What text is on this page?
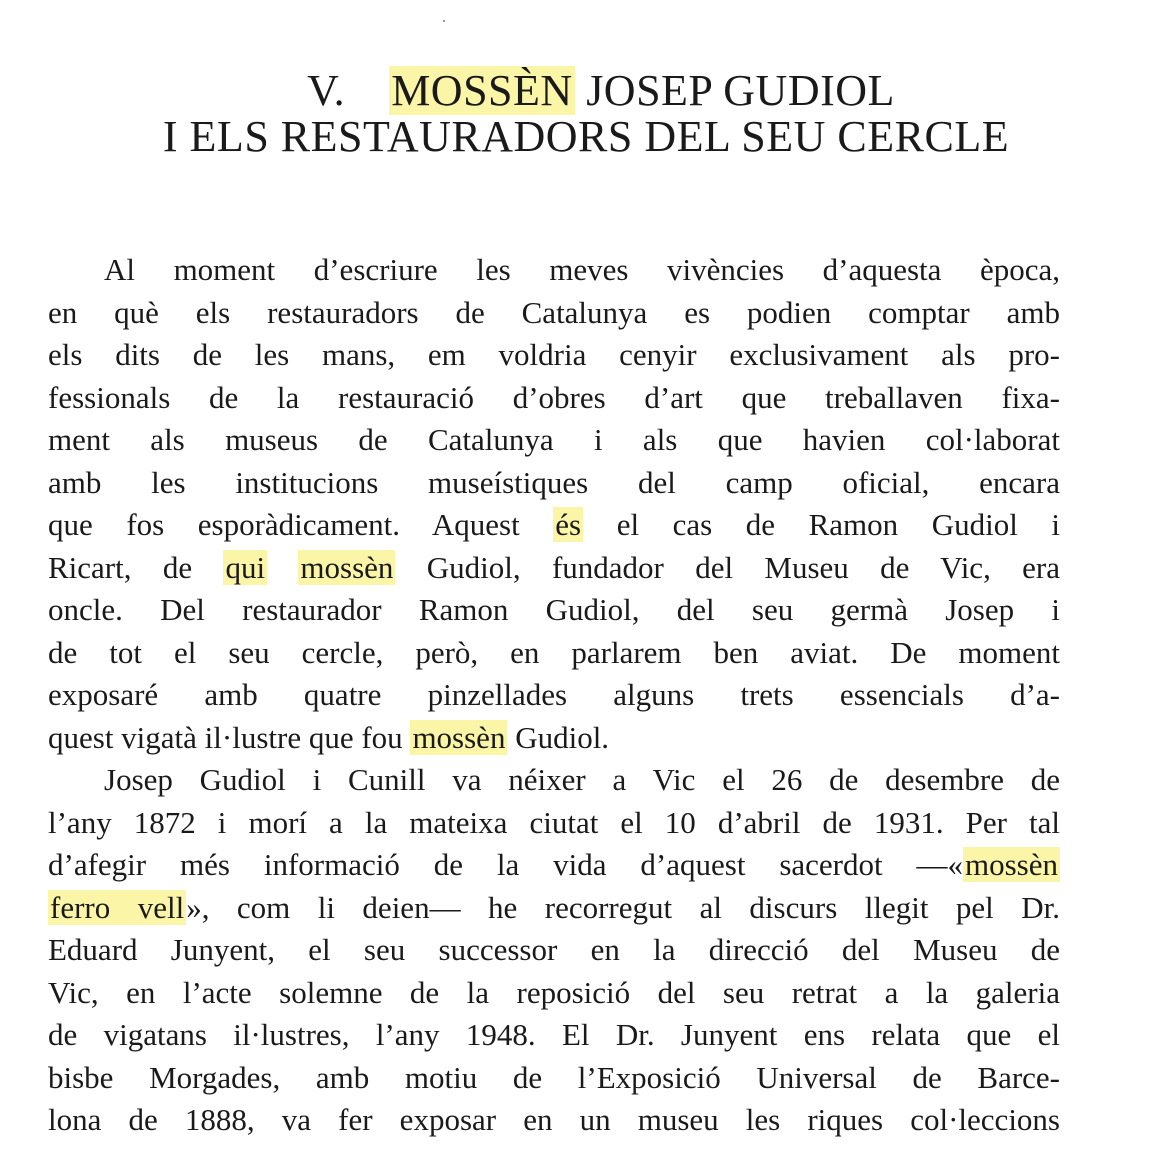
V. MOSSÈN JOSEP GUDIOL
I ELS RESTAURADORS DEL SEU CERCLE
Al moment d’escriure les meves vivències d’aquesta època,
en què els restauradors de Catalunya es podien comptar amb
els dits de les mans, em voldria cenyir exclusivament als pro-
fessionals de la restauració d’obres d’art que treballaven fixa-
ment als museus de Catalunya i als que havien col·laborat
amb les institucions museístiques del camp oficial, encara
que fos esporàdicament. Aquest és el cas de Ramon Gudiol i
Ricart, de qui mossèn Gudiol, fundador del Museu de Vic, era
oncle. Del restaurador Ramon Gudiol, del seu germà Josep i
de tot el seu cercle, però, en parlarem ben aviat. De moment
exposaré amb quatre pinzellades alguns trets essencials d’a-
quest vigatà il·lustre que fou mossèn Gudiol.
Josep Gudiol i Cunill va néixer a Vic el 26 de desembre de
l’any 1872 i morí a la mateixa ciutat el 10 d’abril de 1931. Per tal
d’afegir més informació de la vida d’aquest sacerdot —«mossèn
ferro vell», com li deien— he recorregut al discurs llegit pel Dr.
Eduard Junyent, el seu successor en la direcció del Museu de
Vic, en l’acte solemne de la reposició del seu retrat a la galeria
de vigatans il·lustres, l’any 1948. El Dr. Junyent ens relata que el
bisbe Morgades, amb motiu de l’Exposició Universal de Barce-
lona de 1888, va fer exposar en un museu les riques col·leccions
